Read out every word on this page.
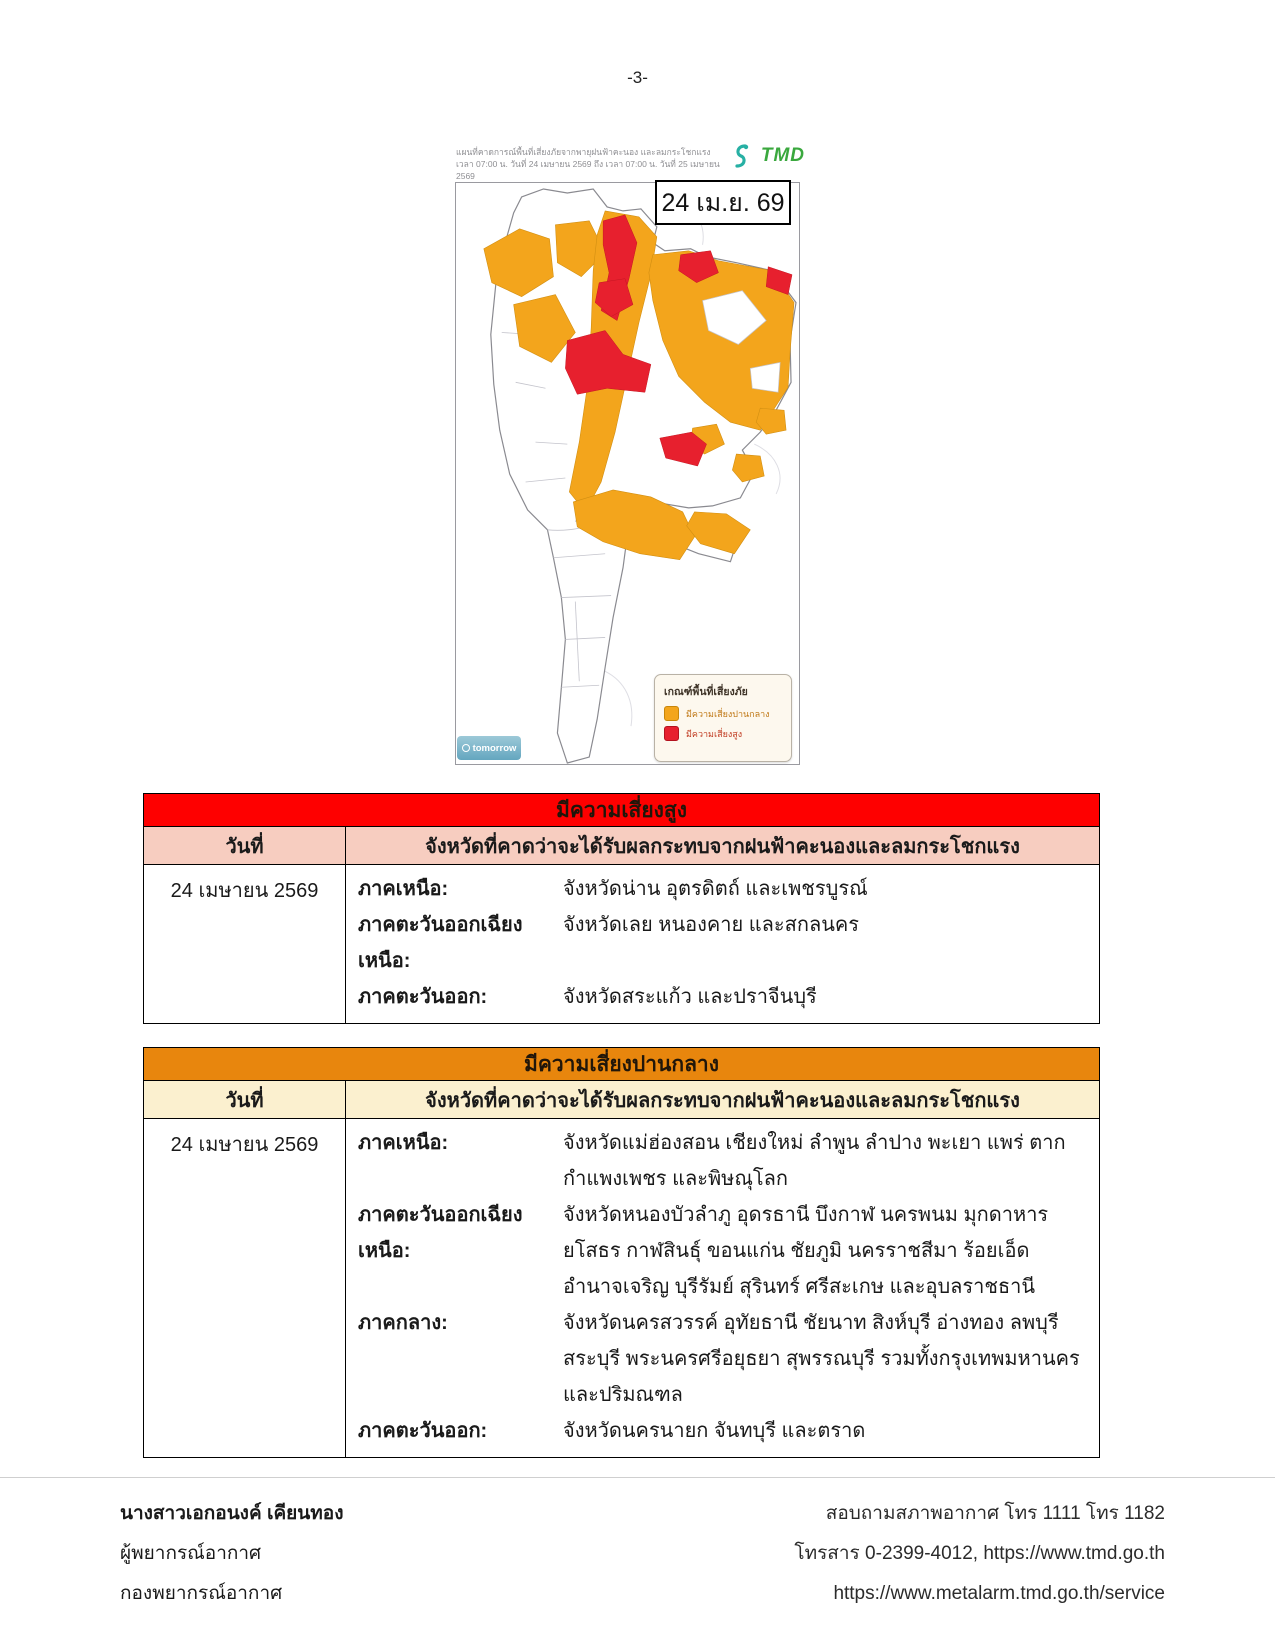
-3-
แผนที่คาดการณ์พื้นที่เสี่ยงภัยจากพายุฝนฟ้าคะนอง และลมกระโชกแรง
เวลา 07:00 น. วันที่ 24 เมษายน 2569 ถึง เวลา 07:00 น. วันที่ 25 เมษายน 2569
TMD
24 เม.ย. 69
เกณฑ์พื้นที่เสี่ยงภัย
มีความเสี่ยงปานกลาง
มีความเสี่ยงสูง
tomorrow
มีความเสี่ยงสูง
วันที่	จังหวัดที่คาดว่าจะได้รับผลกระทบจากฝนฟ้าคะนองและลมกระโชกแรง
24 เมษายน 2569	ภาคเหนือ:	จังหวัดน่าน อุตรดิตถ์ และเพชรบูรณ์
ภาคตะวันออกเฉียงเหนือ:
จังหวัดเลย หนองคาย และสกลนคร
ภาคตะวันออก:	จังหวัดสระแก้ว และปราจีนบุรี
มีความเสี่ยงปานกลาง
วันที่	จังหวัดที่คาดว่าจะได้รับผลกระทบจากฝนฟ้าคะนองและลมกระโชกแรง
24 เมษายน 2569	ภาคเหนือ:	จังหวัดแม่ฮ่องสอน เชียงใหม่ ลำพูน ลำปาง พะเยา แพร่ ตาก
กำแพงเพชร และพิษณุโลก
ภาคตะวันออกเฉียงเหนือ:
จังหวัดหนองบัวลำภู อุดรธานี บึงกาฬ นครพนม มุกดาหาร
ยโสธร กาฬสินธุ์ ขอนแก่น ชัยภูมิ นครราชสีมา ร้อยเอ็ด
อำนาจเจริญ บุรีรัมย์ สุรินทร์ ศรีสะเกษ และอุบลราชธานี
ภาคกลาง:	จังหวัดนครสวรรค์ อุทัยธานี ชัยนาท สิงห์บุรี อ่างทอง ลพบุรี
สระบุรี พระนครศรีอยุธยา สุพรรณบุรี รวมทั้งกรุงเทพมหานคร
และปริมณฑล
ภาคตะวันออก:	จังหวัดนครนายก จันทบุรี และตราด
นางสาวเอกอนงค์ เคียนทอง
ผู้พยากรณ์อากาศ
กองพยากรณ์อากาศ
สอบถามสภาพอากาศ โทร 1111 โทร 1182
โทรสาร 0-2399-4012, https://www.tmd.go.th
https://www.metalarm.tmd.go.th/service
